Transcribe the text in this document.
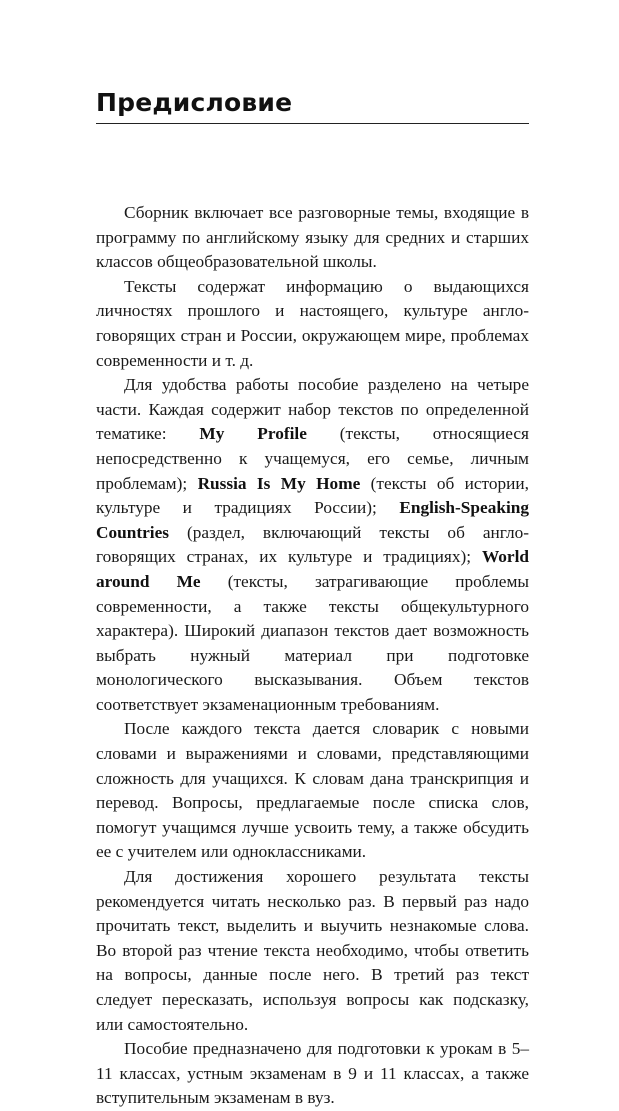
Предисловие

Сборник включает все разговорные темы, входящие в программу по английскому языку для средних и старших классов общеобразовательной школы.

Тексты содержат информацию о выдающихся личностях прошлого и настоящего, культуре англо-говорящих стран и России, окружающем мире, проблемах современности и т. д.

Для удобства работы пособие разделено на четыре части. Каждая содержит набор текстов по определенной тематике: My Profile (тексты, относящиеся непосредственно к учащемуся, его семье, личным проблемам); Russia Is My Home (тексты об истории, культуре и традициях России); English-Speaking Countries (раздел, включающий тексты об англо-говорящих странах, их культуре и традициях); World around Me (тексты, затрагивающие проблемы современности, а также тексты общекультурного характера). Широкий диапазон текстов дает возможность выбрать нужный материал при подготовке монологического высказывания. Объем текстов соответствует экзаменационным требованиям.

После каждого текста дается словарик с новыми словами и выражениями и словами, представляющими сложность для учащихся. К словам дана транскрипция и перевод. Вопросы, предлагаемые после списка слов, помогут учащимся лучше усвоить тему, а также обсудить ее с учителем или одноклассниками.

Для достижения хорошего результата тексты рекомендуется читать несколько раз. В первый раз надо прочитать текст, выделить и выучить незнакомые слова. Во второй раз чтение текста необходимо, чтобы ответить на вопросы, данные после него. В третий раз текст следует пересказать, используя вопросы как подсказку, или самостоятельно.

Пособие предназначено для подготовки к урокам в 5–11 классах, устным экзаменам в 9 и 11 классах, а также вступительным экзаменам в вуз.
